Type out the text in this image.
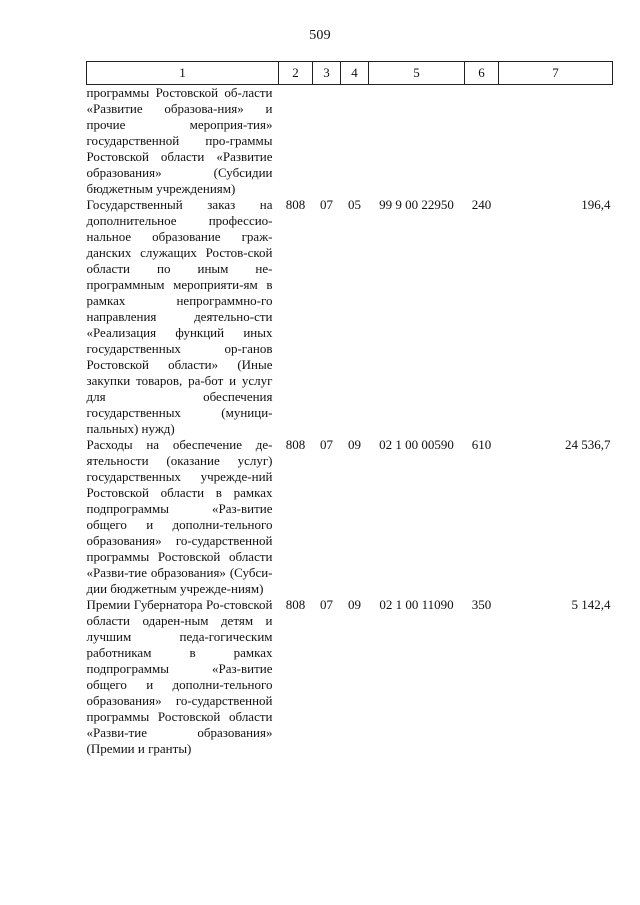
509
1	2	3	4	5	6	7
программы Ростовской об-ласти «Развитие образова-ния» и прочие мероприя-тия» государственной про-граммы Ростовской области «Развитие образования» (Субсидии бюджетным учреждениям)						
Государственный заказ на дополнительное профессио-нальное образование граж-данских служащих Ростов-ской области по иным не-программным мероприяти-ям в рамках непрограммно-го направления деятельно-сти «Реализация функций иных государственных ор-ганов Ростовской области» (Иные закупки товаров, ра-бот и услуг для обеспечения государственных (муници-пальных) нужд)	808	07	05	99 9 00 22950	240	196,4
Расходы на обеспечение де-ятельности (оказание услуг) государственных учрежде-ний Ростовской области в рамках подпрограммы «Раз-витие общего и дополни-тельного образования» го-сударственной программы Ростовской области «Разви-тие образования» (Субси-дии бюджетным учрежде-ниям)	808	07	09	02 1 00 00590	610	24 536,7
Премии Губернатора Ро-стовской области одарен-ным детям и лучшим педа-гогическим работникам в рамках подпрограммы «Раз-витие общего и дополни-тельного образования» го-сударственной программы Ростовской области «Разви-тие образования» (Премии и гранты)	808	07	09	02 1 00 11090	350	5 142,4
